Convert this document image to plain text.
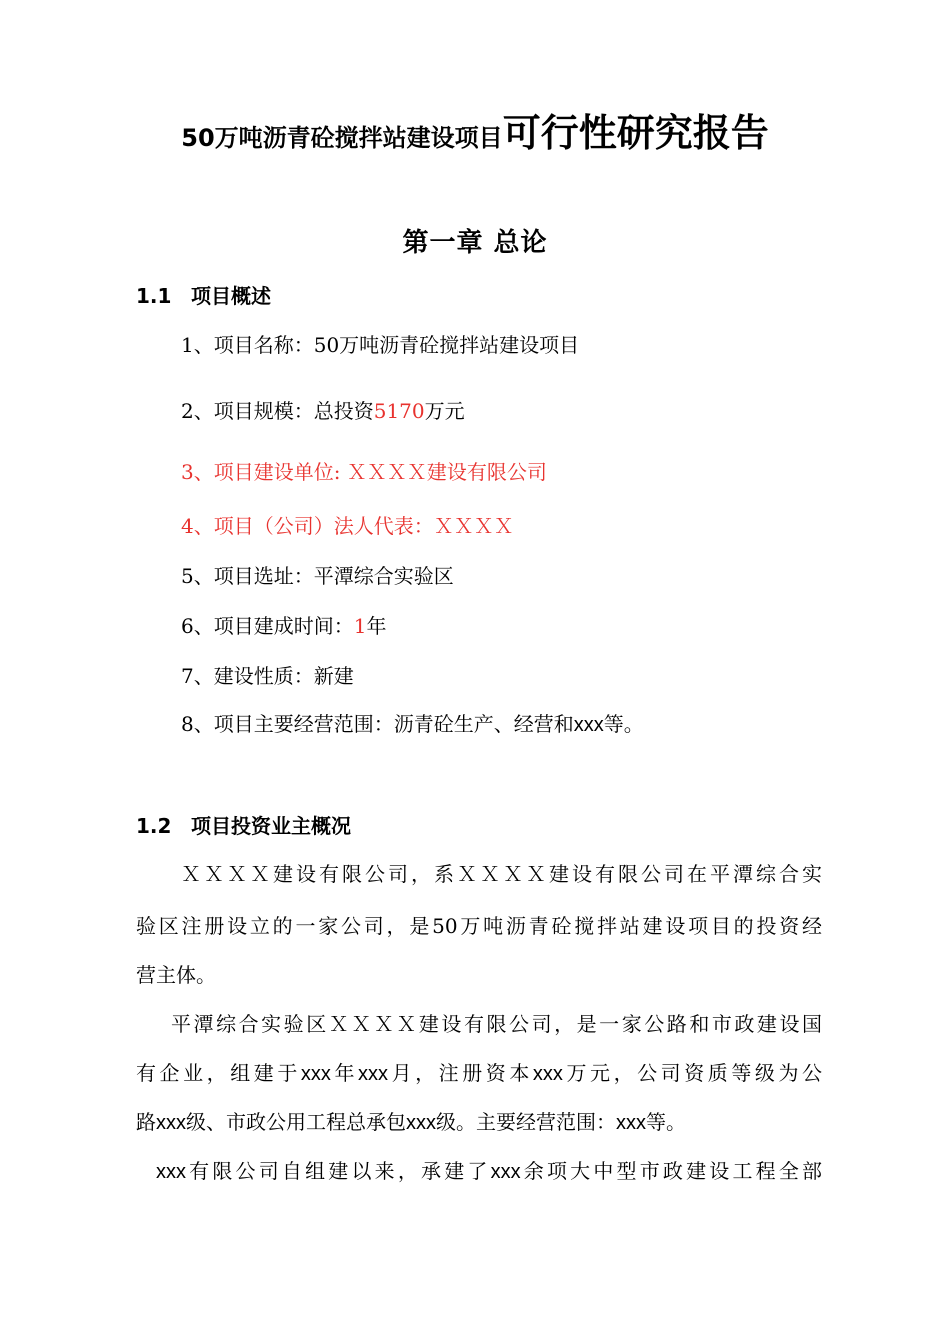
50万吨沥青砼搅拌站建设项目可行性研究报告
第一章 总论
1.1 项目概述
1、项目名称：50万吨沥青砼搅拌站建设项目
2、项目规模：总投资5170万元
3、项目建设单位: ＸＸＸＸ建设有限公司
4、项目（公司）法人代表：ＸＸＸＸ
5、项目选址：平潭综合实验区
6、项目建成时间：1年
7、建设性质：新建
8、项目主要经营范围：沥青砼生产、经营和xxx等。
1.2 项目投资业主概况
ＸＸＸＸ建设有限公司，系ＸＸＸＸ建设有限公司在平潭综合实
验区注册设立的一家公司，是50万吨沥青砼搅拌站建设项目的投资经
营主体。
平潭综合实验区ＸＸＸＸ建设有限公司，是一家公路和市政建设国
有企业，组建于xxx年xxx月，注册资本xxx万元，公司资质等级为公
路xxx级、市政公用工程总承包xxx级。主要经营范围：xxx等。
xxx有限公司自组建以来，承建了xxx余项大中型市政建设工程全部
